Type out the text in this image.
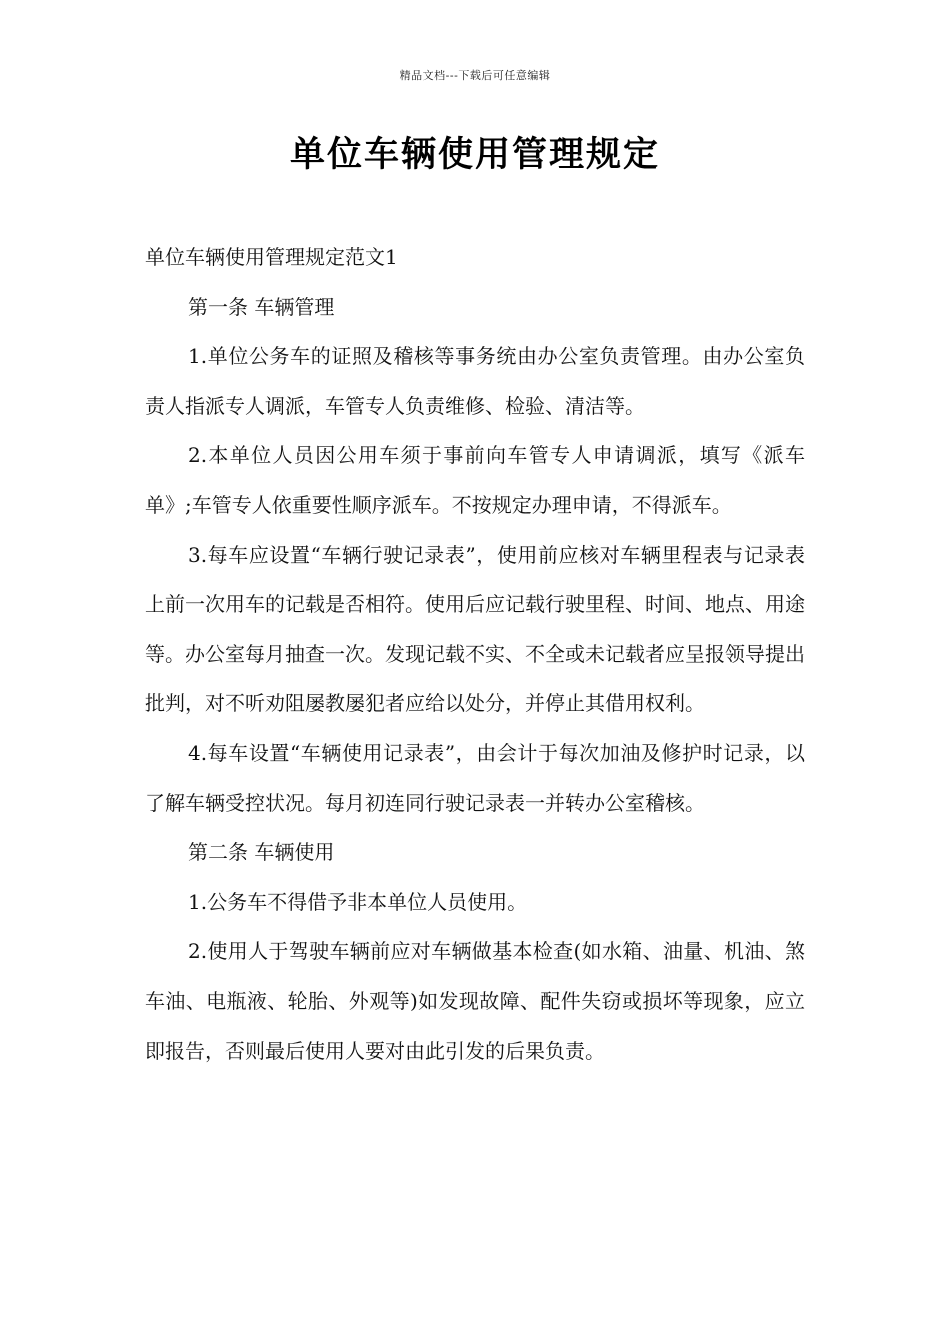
精品文档---下载后可任意编辑
单位车辆使用管理规定

单位车辆使用管理规定范文1

第一条 车辆管理

1.单位公务车的证照及稽核等事务统由办公室负责管理。由办公室负责人指派专人调派，车管专人负责维修、检验、清洁等。

2.本单位人员因公用车须于事前向车管专人申请调派，填写《派车单》;车管专人依重要性顺序派车。不按规定办理申请，不得派车。

3.每车应设置“车辆行驶记录表”，使用前应核对车辆里程表与记录表上前一次用车的记载是否相符。使用后应记载行驶里程、时间、地点、用途等。办公室每月抽查一次。发现记载不实、不全或未记载者应呈报领导提出批判，对不听劝阻屡教屡犯者应给以处分，并停止其借用权利。

4.每车设置“车辆使用记录表”，由会计于每次加油及修护时记录，以了解车辆受控状况。每月初连同行驶记录表一并转办公室稽核。

第二条 车辆使用

1.公务车不得借予非本单位人员使用。

2.使用人于驾驶车辆前应对车辆做基本检查(如水箱、油量、机油、煞车油、电瓶液、轮胎、外观等)如发现故障、配件失窃或损坏等现象，应立即报告，否则最后使用人要对由此引发的后果负责。
